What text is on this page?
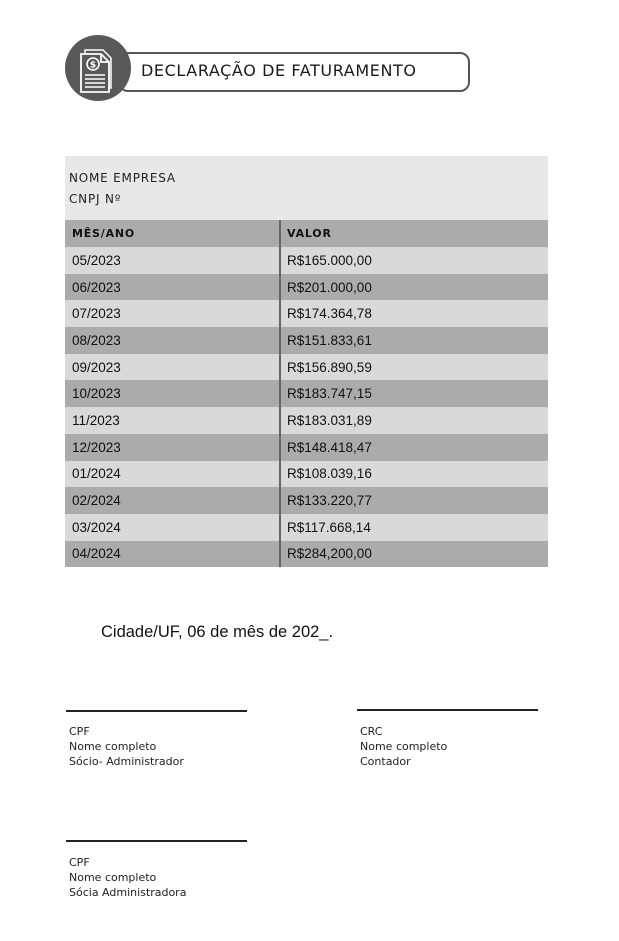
DECLARAÇÃO DE FATURAMENTO
$
NOME EMPRESA
CNPJ Nº
MÊS/ANO	VALOR
05/2023	R$165.000,00
06/2023	R$201.000,00
07/2023	R$174.364,78
08/2023	R$151.833,61
09/2023	R$156.890,59
10/2023	R$183.747,15
11/2023	R$183.031,89
12/2023	R$148.418,47
01/2024	R$108.039,16
02/2024	R$133.220,77
03/2024	R$117.668,14
04/2024	R$284,200,00
Cidade/UF, 06 de mês de 202_.
CPF
Nome completo
Sócio- Administrador
CRC
Nome completo
Contador
CPF
Nome completo
Sócia Administradora
